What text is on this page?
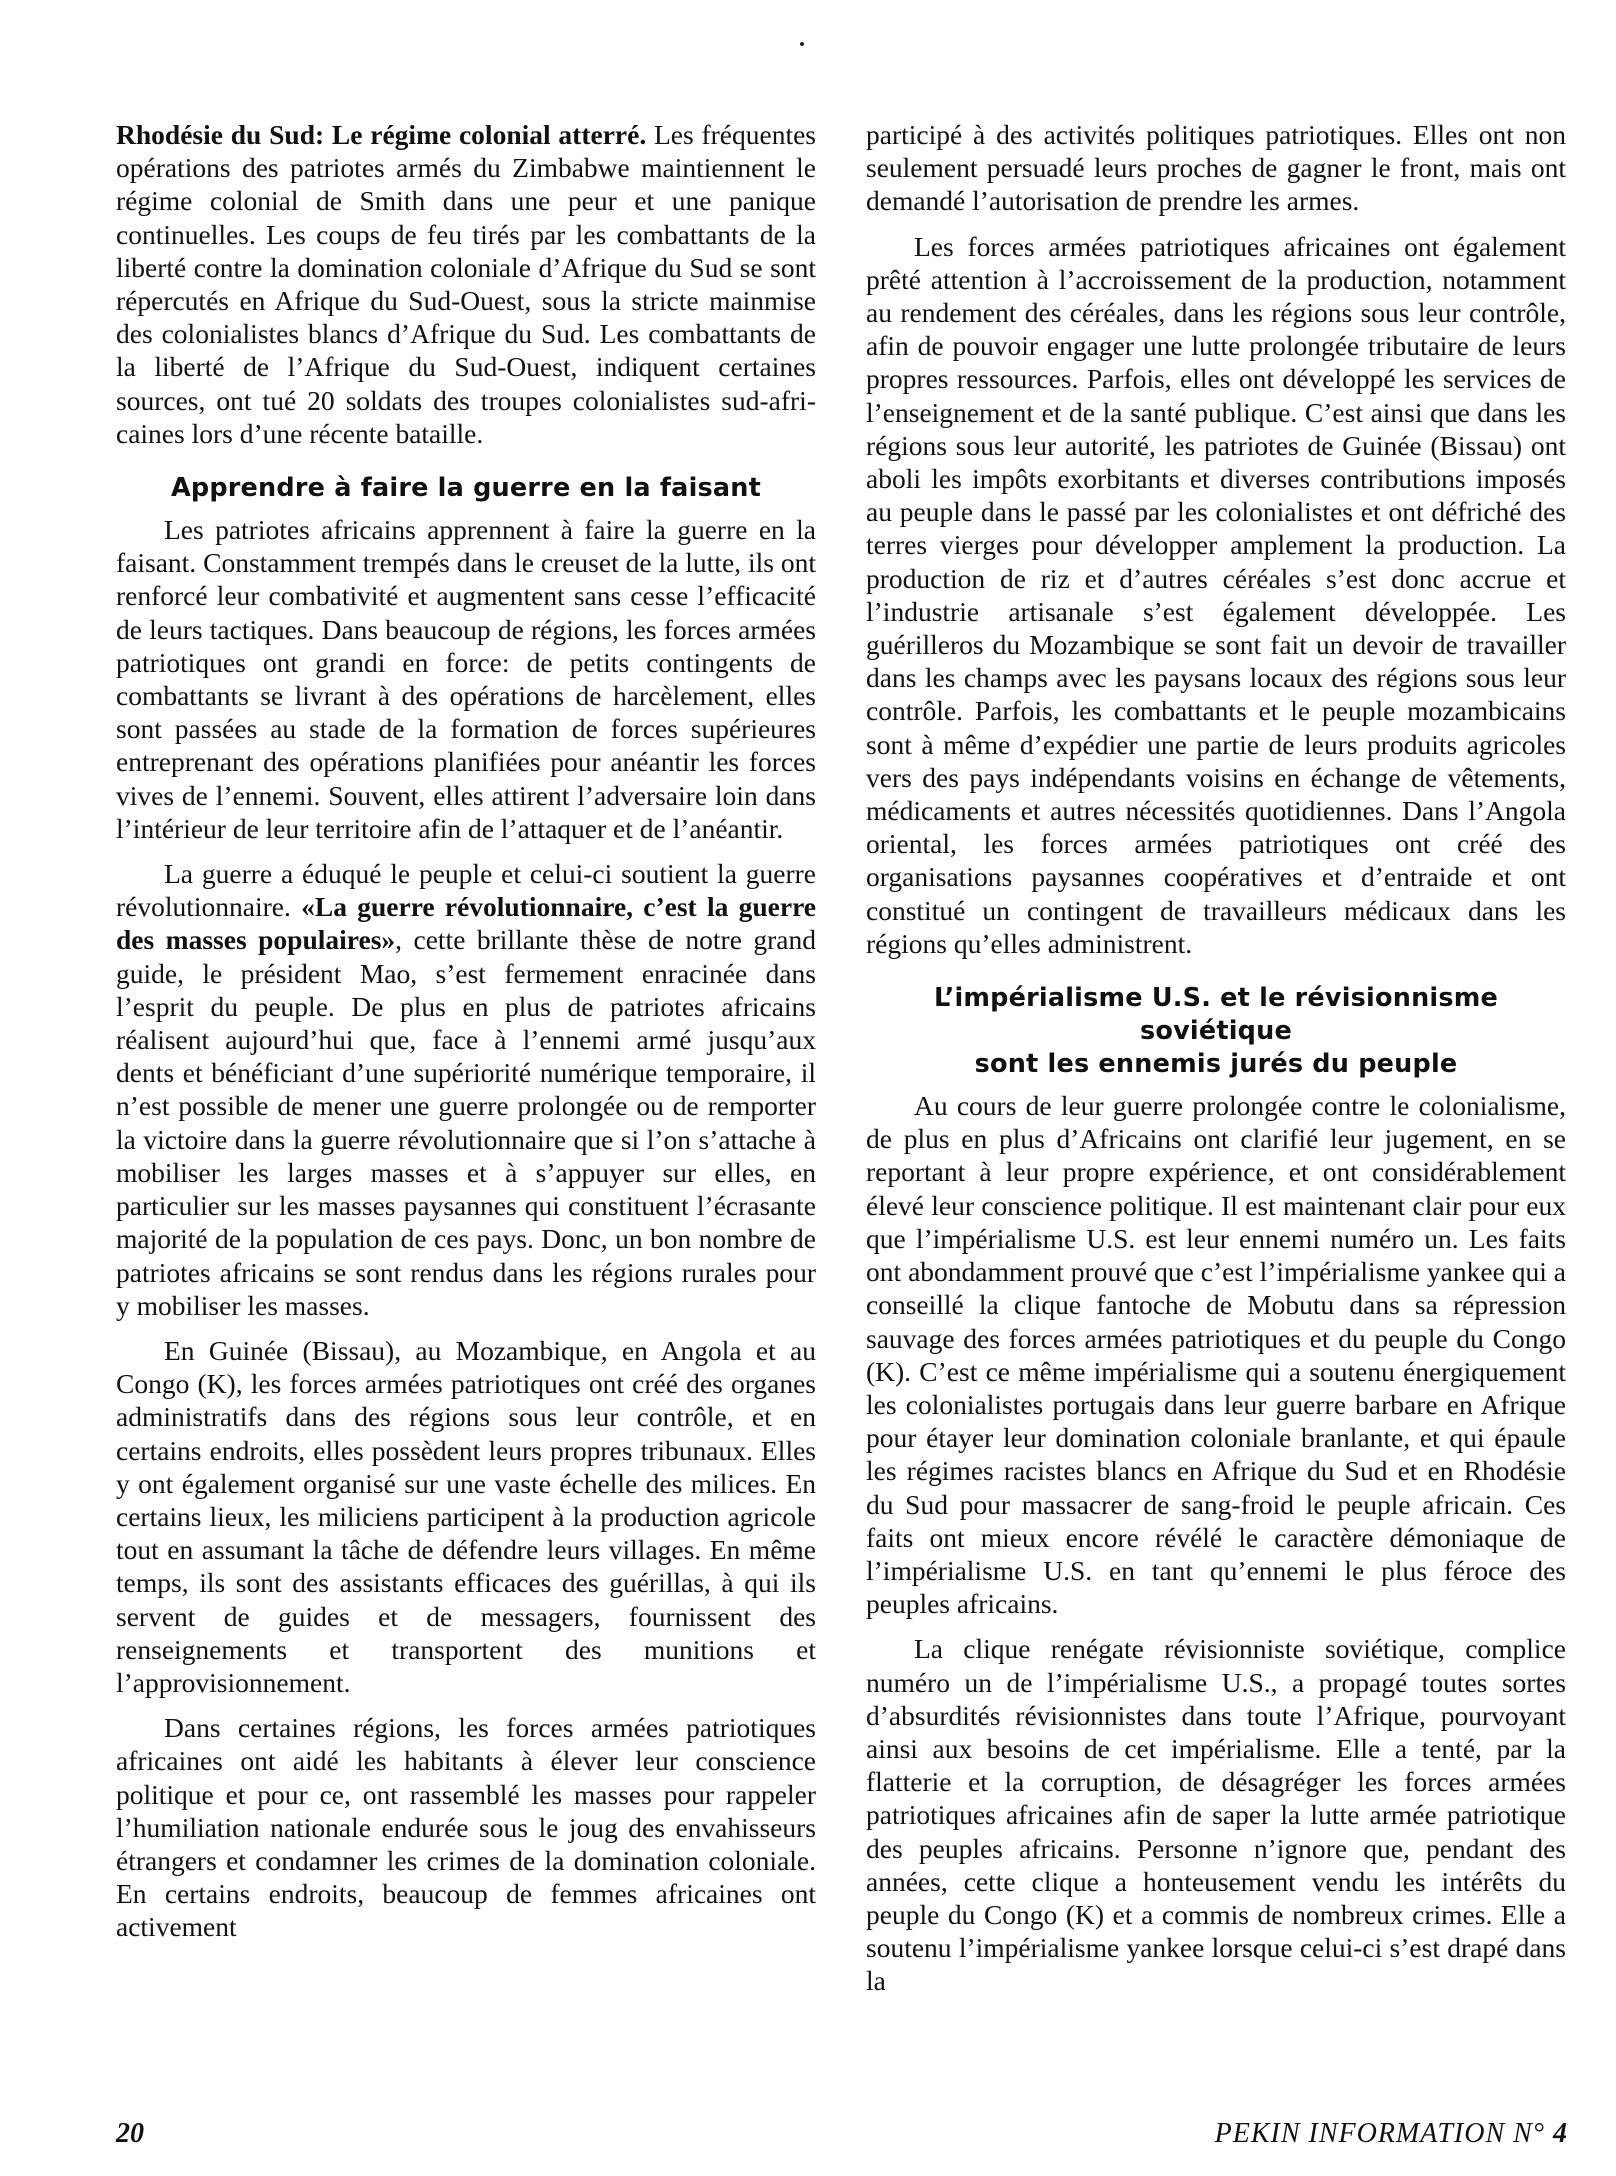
Rhodésie du Sud: Le régime colonial atterré. Les fréquentes opérations des patriotes armés du Zimbabwe maintiennent le régime colonial de Smith dans une peur et une panique continuelles. Les coups de feu tirés par les combattants de la liberté contre la domination coloniale d’Afrique du Sud se sont répercutés en Afrique du Sud-Ouest, sous la stricte mainmise des colonialistes blancs d’Afrique du Sud. Les combattants de la liberté de l’Afrique du Sud-Ouest, indiquent certaines sources, ont tué 20 soldats des troupes colonialistes sud-africaines lors d’une récente bataille.

Apprendre à faire la guerre en la faisant

Les patriotes africains apprennent à faire la guerre en la faisant. Constamment trempés dans le creuset de la lutte, ils ont renforcé leur combativité et augmentent sans cesse l’efficacité de leurs tactiques. Dans beaucoup de régions, les forces armées patriotiques ont grandi en force: de petits contingents de combattants se livrant à des opérations de harcèlement, elles sont passées au stade de la formation de forces supérieures entreprenant des opérations planifiées pour anéantir les forces vives de l’ennemi. Souvent, elles attirent l’adversaire loin dans l’intérieur de leur territoire afin de l’attaquer et de l’anéantir.

La guerre a éduqué le peuple et celui-ci soutient la guerre révolutionnaire. «La guerre révolutionnaire, c’est la guerre des masses populaires», cette brillante thèse de notre grand guide, le président Mao, s’est fermement enracinée dans l’esprit du peuple. De plus en plus de patriotes africains réalisent aujourd’hui que, face à l’ennemi armé jusqu’aux dents et bénéficiant d’une supériorité numérique temporaire, il n’est possible de mener une guerre prolongée ou de remporter la victoire dans la guerre révolutionnaire que si l’on s’attache à mobiliser les larges masses et à s’appuyer sur elles, en particulier sur les masses paysannes qui constituent l’écrasante majorité de la population de ces pays. Donc, un bon nombre de patriotes africains se sont rendus dans les régions rurales pour y mobiliser les masses.

En Guinée (Bissau), au Mozambique, en Angola et au Congo (K), les forces armées patriotiques ont créé des organes administratifs dans des régions sous leur contrôle, et en certains endroits, elles possèdent leurs propres tribunaux. Elles y ont également organisé sur une vaste échelle des milices. En certains lieux, les miliciens participent à la production agricole tout en assumant la tâche de défendre leurs villages. En même temps, ils sont des assistants efficaces des guérillas, à qui ils servent de guides et de messagers, fournissent des renseignements et transportent des munitions et l’approvisionnement.

Dans certaines régions, les forces armées patriotiques africaines ont aidé les habitants à élever leur conscience politique et pour ce, ont rassemblé les masses pour rappeler l’humiliation nationale endurée sous le joug des envahisseurs étrangers et condamner les crimes de la domination coloniale. En certains endroits, beaucoup de femmes africaines ont activement

participé à des activités politiques patriotiques. Elles ont non seulement persuadé leurs proches de gagner le front, mais ont demandé l’autorisation de prendre les armes.

Les forces armées patriotiques africaines ont également prêté attention à l’accroissement de la production, notamment au rendement des céréales, dans les régions sous leur contrôle, afin de pouvoir engager une lutte prolongée tributaire de leurs propres ressources. Parfois, elles ont développé les services de l’enseignement et de la santé publique. C’est ainsi que dans les régions sous leur autorité, les patriotes de Guinée (Bissau) ont aboli les impôts exorbitants et diverses contributions imposés au peuple dans le passé par les colonialistes et ont défriché des terres vierges pour développer amplement la production. La production de riz et d’autres céréales s’est donc accrue et l’industrie artisanale s’est également développée. Les guérilleros du Mozambique se sont fait un devoir de travailler dans les champs avec les paysans locaux des régions sous leur contrôle. Parfois, les combattants et le peuple mozambicains sont à même d’expédier une partie de leurs produits agricoles vers des pays indépendants voisins en échange de vêtements, médicaments et autres nécessités quotidiennes. Dans l’Angola oriental, les forces armées patriotiques ont créé des organisations paysannes coopératives et d’entraide et ont constitué un contingent de travailleurs médicaux dans les régions qu’elles administrent.

L’impérialisme U.S. et le révisionnisme soviétique
sont les ennemis jurés du peuple

Au cours de leur guerre prolongée contre le colonialisme, de plus en plus d’Africains ont clarifié leur jugement, en se reportant à leur propre expérience, et ont considérablement élevé leur conscience politique. Il est maintenant clair pour eux que l’impérialisme U.S. est leur ennemi numéro un. Les faits ont abondamment prouvé que c’est l’impérialisme yankee qui a conseillé la clique fantoche de Mobutu dans sa répression sauvage des forces armées patriotiques et du peuple du Congo (K). C’est ce même impérialisme qui a soutenu énergiquement les colonialistes portugais dans leur guerre barbare en Afrique pour étayer leur domination coloniale branlante, et qui épaule les régimes racistes blancs en Afrique du Sud et en Rhodésie du Sud pour massacrer de sang-froid le peuple africain. Ces faits ont mieux encore révélé le caractère démoniaque de l’impérialisme U.S. en tant qu’ennemi le plus féroce des peuples africains.

La clique renégate révisionniste soviétique, complice numéro un de l’impérialisme U.S., a propagé toutes sortes d’absurdités révisionnistes dans toute l’Afrique, pourvoyant ainsi aux besoins de cet impérialisme. Elle a tenté, par la flatterie et la corruption, de désagréger les forces armées patriotiques africaines afin de saper la lutte armée patriotique des peuples africains. Personne n’ignore que, pendant des années, cette clique a honteusement vendu les intérêts du peuple du Congo (K) et a commis de nombreux crimes. Elle a soutenu l’impérialisme yankee lorsque celui-ci s’est drapé dans la

20	PEKIN INFORMATION N° 4
